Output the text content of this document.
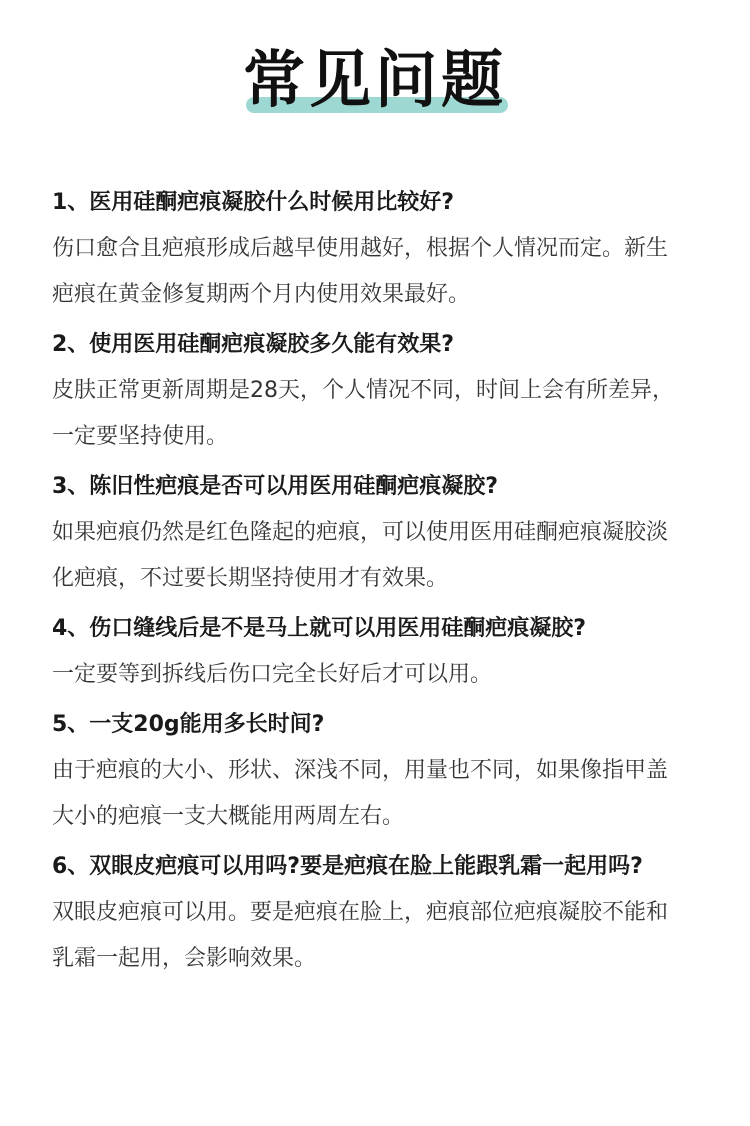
常见问题
1、医用硅酮疤痕凝胶什么时候用比较好?
伤口愈合且疤痕形成后越早使用越好，根据个人情况而定。新生
疤痕在黄金修复期两个月内使用效果最好。
2、使用医用硅酮疤痕凝胶多久能有效果?
皮肤正常更新周期是28天，个人情况不同，时间上会有所差异，
一定要坚持使用。
3、陈旧性疤痕是否可以用医用硅酮疤痕凝胶?
如果疤痕仍然是红色隆起的疤痕，可以使用医用硅酮疤痕凝胶淡
化疤痕，不过要长期坚持使用才有效果。
4、伤口缝线后是不是马上就可以用医用硅酮疤痕凝胶?
一定要等到拆线后伤口完全长好后才可以用。
5、一支20g能用多长时间?
由于疤痕的大小、形状、深浅不同，用量也不同，如果像指甲盖
大小的疤痕一支大概能用两周左右。
6、双眼皮疤痕可以用吗?要是疤痕在脸上能跟乳霜一起用吗?
双眼皮疤痕可以用。要是疤痕在脸上，疤痕部位疤痕凝胶不能和
乳霜一起用，会影响效果。
